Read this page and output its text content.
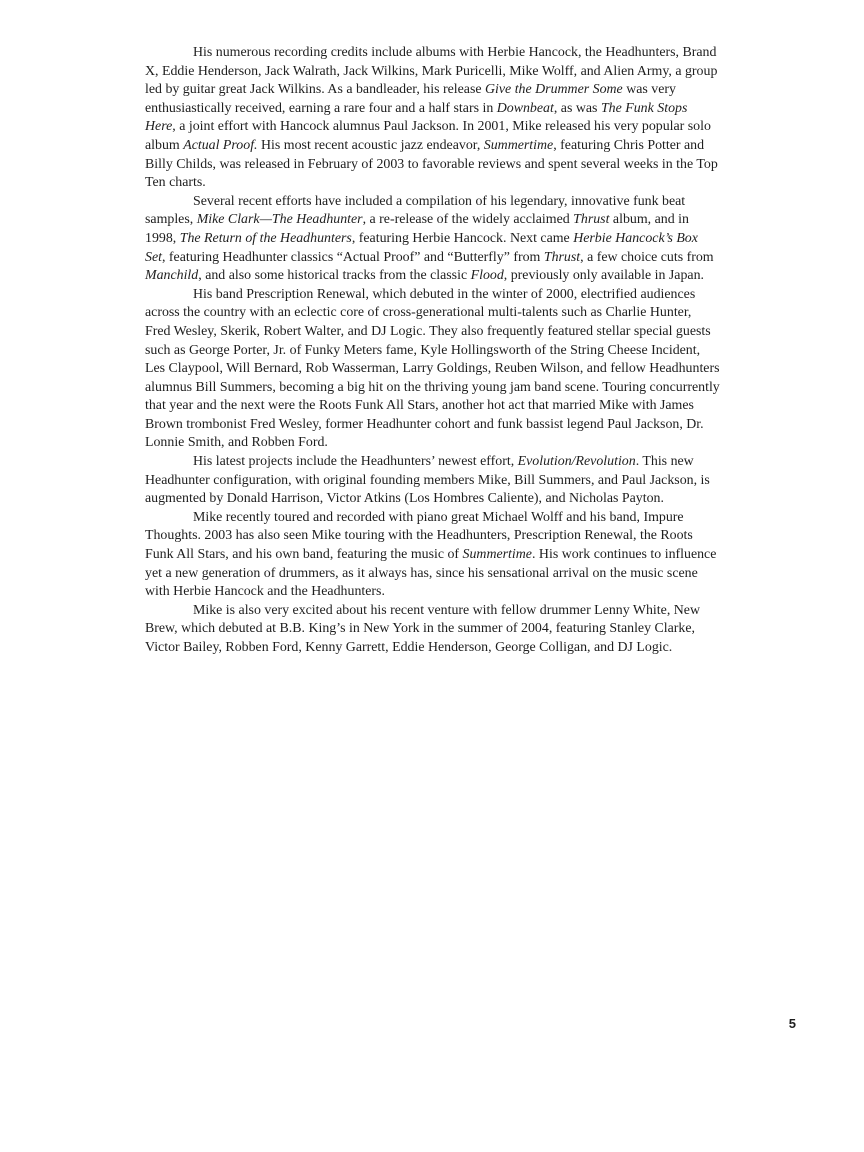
His numerous recording credits include albums with Herbie Hancock, the Headhunters, Brand X, Eddie Henderson, Jack Walrath, Jack Wilkins, Mark Puricelli, Mike Wolff, and Alien Army, a group led by guitar great Jack Wilkins. As a bandleader, his release Give the Drummer Some was very enthusiastically received, earning a rare four and a half stars in Downbeat, as was The Funk Stops Here, a joint effort with Hancock alumnus Paul Jackson. In 2001, Mike released his very popular solo album Actual Proof. His most recent acoustic jazz endeavor, Summertime, featuring Chris Potter and Billy Childs, was released in February of 2003 to favorable reviews and spent several weeks in the Top Ten charts.

Several recent efforts have included a compilation of his legendary, innovative funk beat samples, Mike Clark—The Headhunter, a re-release of the widely acclaimed Thrust album, and in 1998, The Return of the Headhunters, featuring Herbie Hancock. Next came Herbie Hancock’s Box Set, featuring Headhunter classics “Actual Proof” and “Butterfly” from Thrust, a few choice cuts from Manchild, and also some historical tracks from the classic Flood, previously only available in Japan.

His band Prescription Renewal, which debuted in the winter of 2000, electrified audiences across the country with an eclectic core of cross-generational multi-talents such as Charlie Hunter, Fred Wesley, Skerik, Robert Walter, and DJ Logic. They also frequently featured stellar special guests such as George Porter, Jr. of Funky Meters fame, Kyle Hollingsworth of the String Cheese Incident, Les Claypool, Will Bernard, Rob Wasserman, Larry Goldings, Reuben Wilson, and fellow Headhunters alumnus Bill Summers, becoming a big hit on the thriving young jam band scene. Touring concurrently that year and the next were the Roots Funk All Stars, another hot act that married Mike with James Brown trombonist Fred Wesley, former Headhunter cohort and funk bassist legend Paul Jackson, Dr. Lonnie Smith, and Robben Ford.

His latest projects include the Headhunters’ newest effort, Evolution/Revolution. This new Headhunter configuration, with original founding members Mike, Bill Summers, and Paul Jackson, is augmented by Donald Harrison, Victor Atkins (Los Hombres Caliente), and Nicholas Payton.

Mike recently toured and recorded with piano great Michael Wolff and his band, Impure Thoughts. 2003 has also seen Mike touring with the Headhunters, Prescription Renewal, the Roots Funk All Stars, and his own band, featuring the music of Summertime. His work continues to influence yet a new generation of drummers, as it always has, since his sensational arrival on the music scene with Herbie Hancock and the Headhunters.

Mike is also very excited about his recent venture with fellow drummer Lenny White, New Brew, which debuted at B.B. King’s in New York in the summer of 2004, featuring Stanley Clarke, Victor Bailey, Robben Ford, Kenny Garrett, Eddie Henderson, George Colligan, and DJ Logic.

5
